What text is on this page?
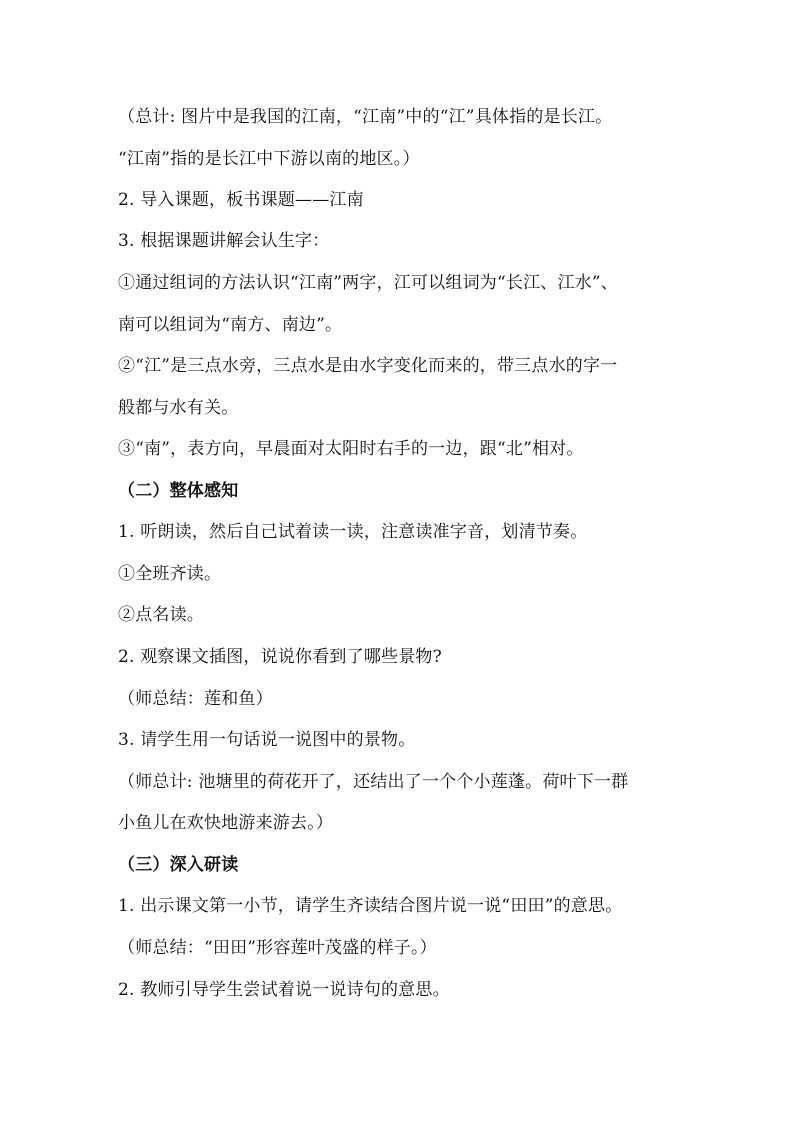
（总计: 图片中是我国的江南，“江南”中的“江”具体指的是长江。
“江南”指的是长江中下游以南的地区。）
2. 导入课题，板书课题——江南
3. 根据课题讲解会认生字：
①通过组词的方法认识“江南”两字，江可以组词为“长江、江水”、
南可以组词为“南方、南边”。
②“江”是三点水旁，三点水是由水字变化而来的，带三点水的字一
般都与水有关。
③“南”，表方向，早晨面对太阳时右手的一边，跟“北”相对。
（二）整体感知
1. 听朗读，然后自己试着读一读，注意读准字音，划清节奏。
①全班齐读。
②点名读。
2. 观察课文插图，说说你看到了哪些景物?
（师总结：莲和鱼）
3. 请学生用一句话说一说图中的景物。
（师总计: 池塘里的荷花开了，还结出了一个个小莲蓬。荷叶下一群
小鱼儿在欢快地游来游去。）
（三）深入研读
1. 出示课文第一小节，请学生齐读结合图片说一说“田田”的意思。
（师总结：“田田”形容莲叶茂盛的样子。）
2. 教师引导学生尝试着说一说诗句的意思。
